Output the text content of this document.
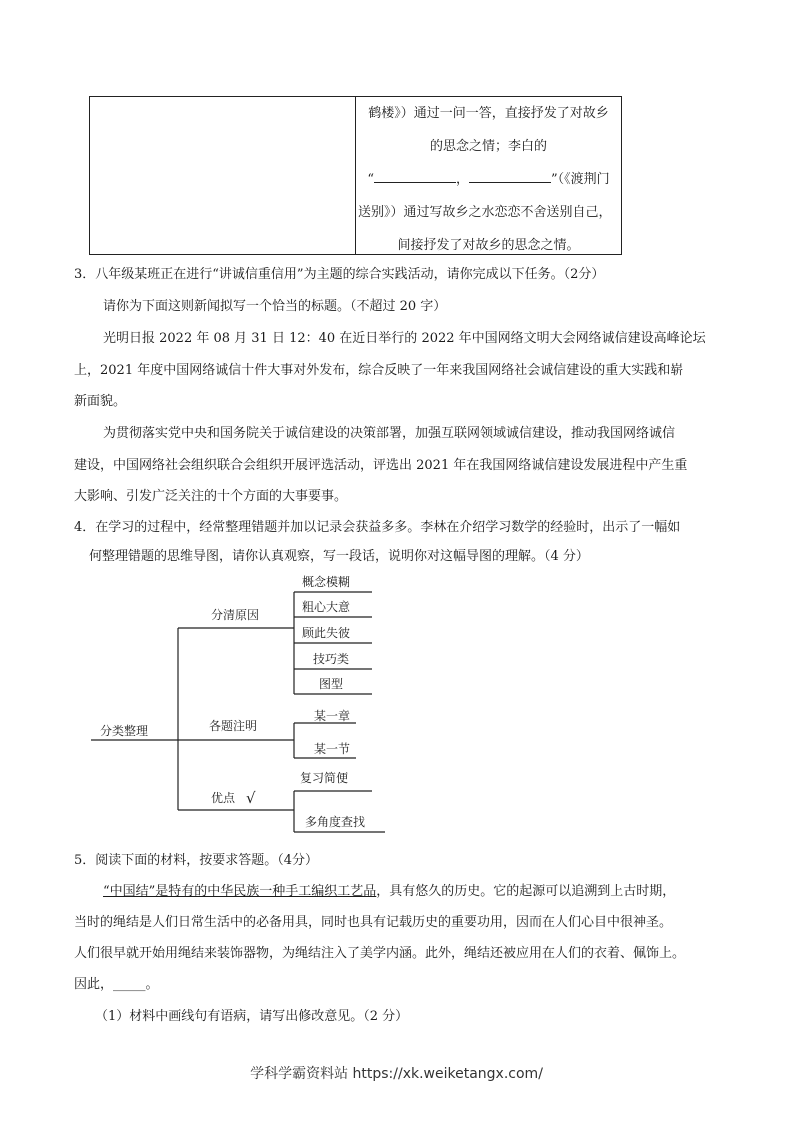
鹤楼》）通过一问一答，直接抒发了对故乡
的思念之情；李白的
“	，	”（《渡荆门
送别》）通过写故乡之水恋恋不舍送别自己，
间接抒发了对故乡的思念之情。
3．八年级某班正在进行“讲诚信重信用”为主题的综合实践活动，请你完成以下任务。（2分）
请你为下面这则新闻拟写一个恰当的标题。（不超过 20 字）
光明日报 2022 年 08 月 31 日 12：40 在近日举行的 2022 年中国网络文明大会网络诚信建设高峰论坛
上，2021 年度中国网络诚信十件大事对外发布，综合反映了一年来我国网络社会诚信建设的重大实践和崭
新面貌。
为贯彻落实党中央和国务院关于诚信建设的决策部署，加强互联网领域诚信建设，推动我国网络诚信
建设，中国网络社会组织联合会组织开展评选活动，评选出 2021 年在我国网络诚信建设发展进程中产生重
大影响、引发广泛关注的十个方面的大事要事。
4．在学习的过程中，经常整理错题并加以记录会获益多多。李林在介绍学习数学的经验时，出示了一幅如
何整理错题的思维导图，请你认真观察，写一段话，说明你对这幅导图的理解。（4 分）
分类整理
分清原因
概念模糊
粗心大意
顾此失彼
技巧类
图型
各题注明
某一章
某一节
优点 √
复习简便
多角度查找
5．阅读下面的材料，按要求答题。（4分）
“中国结”是特有的中华民族一种手工编织工艺品，具有悠久的历史。它的起源可以追溯到上古时期，
当时的绳结是人们日常生活中的必备用具，同时也具有记载历史的重要功用，因而在人们心目中很神圣。
人们很早就开始用绳结来装饰器物，为绳结注入了美学内涵。此外，绳结还被应用在人们的衣着、佩饰上。
因此，_____。
（1）材料中画线句有语病，请写出修改意见。（2 分）
学科学霸资料站 https://xk.weiketangx.com/
